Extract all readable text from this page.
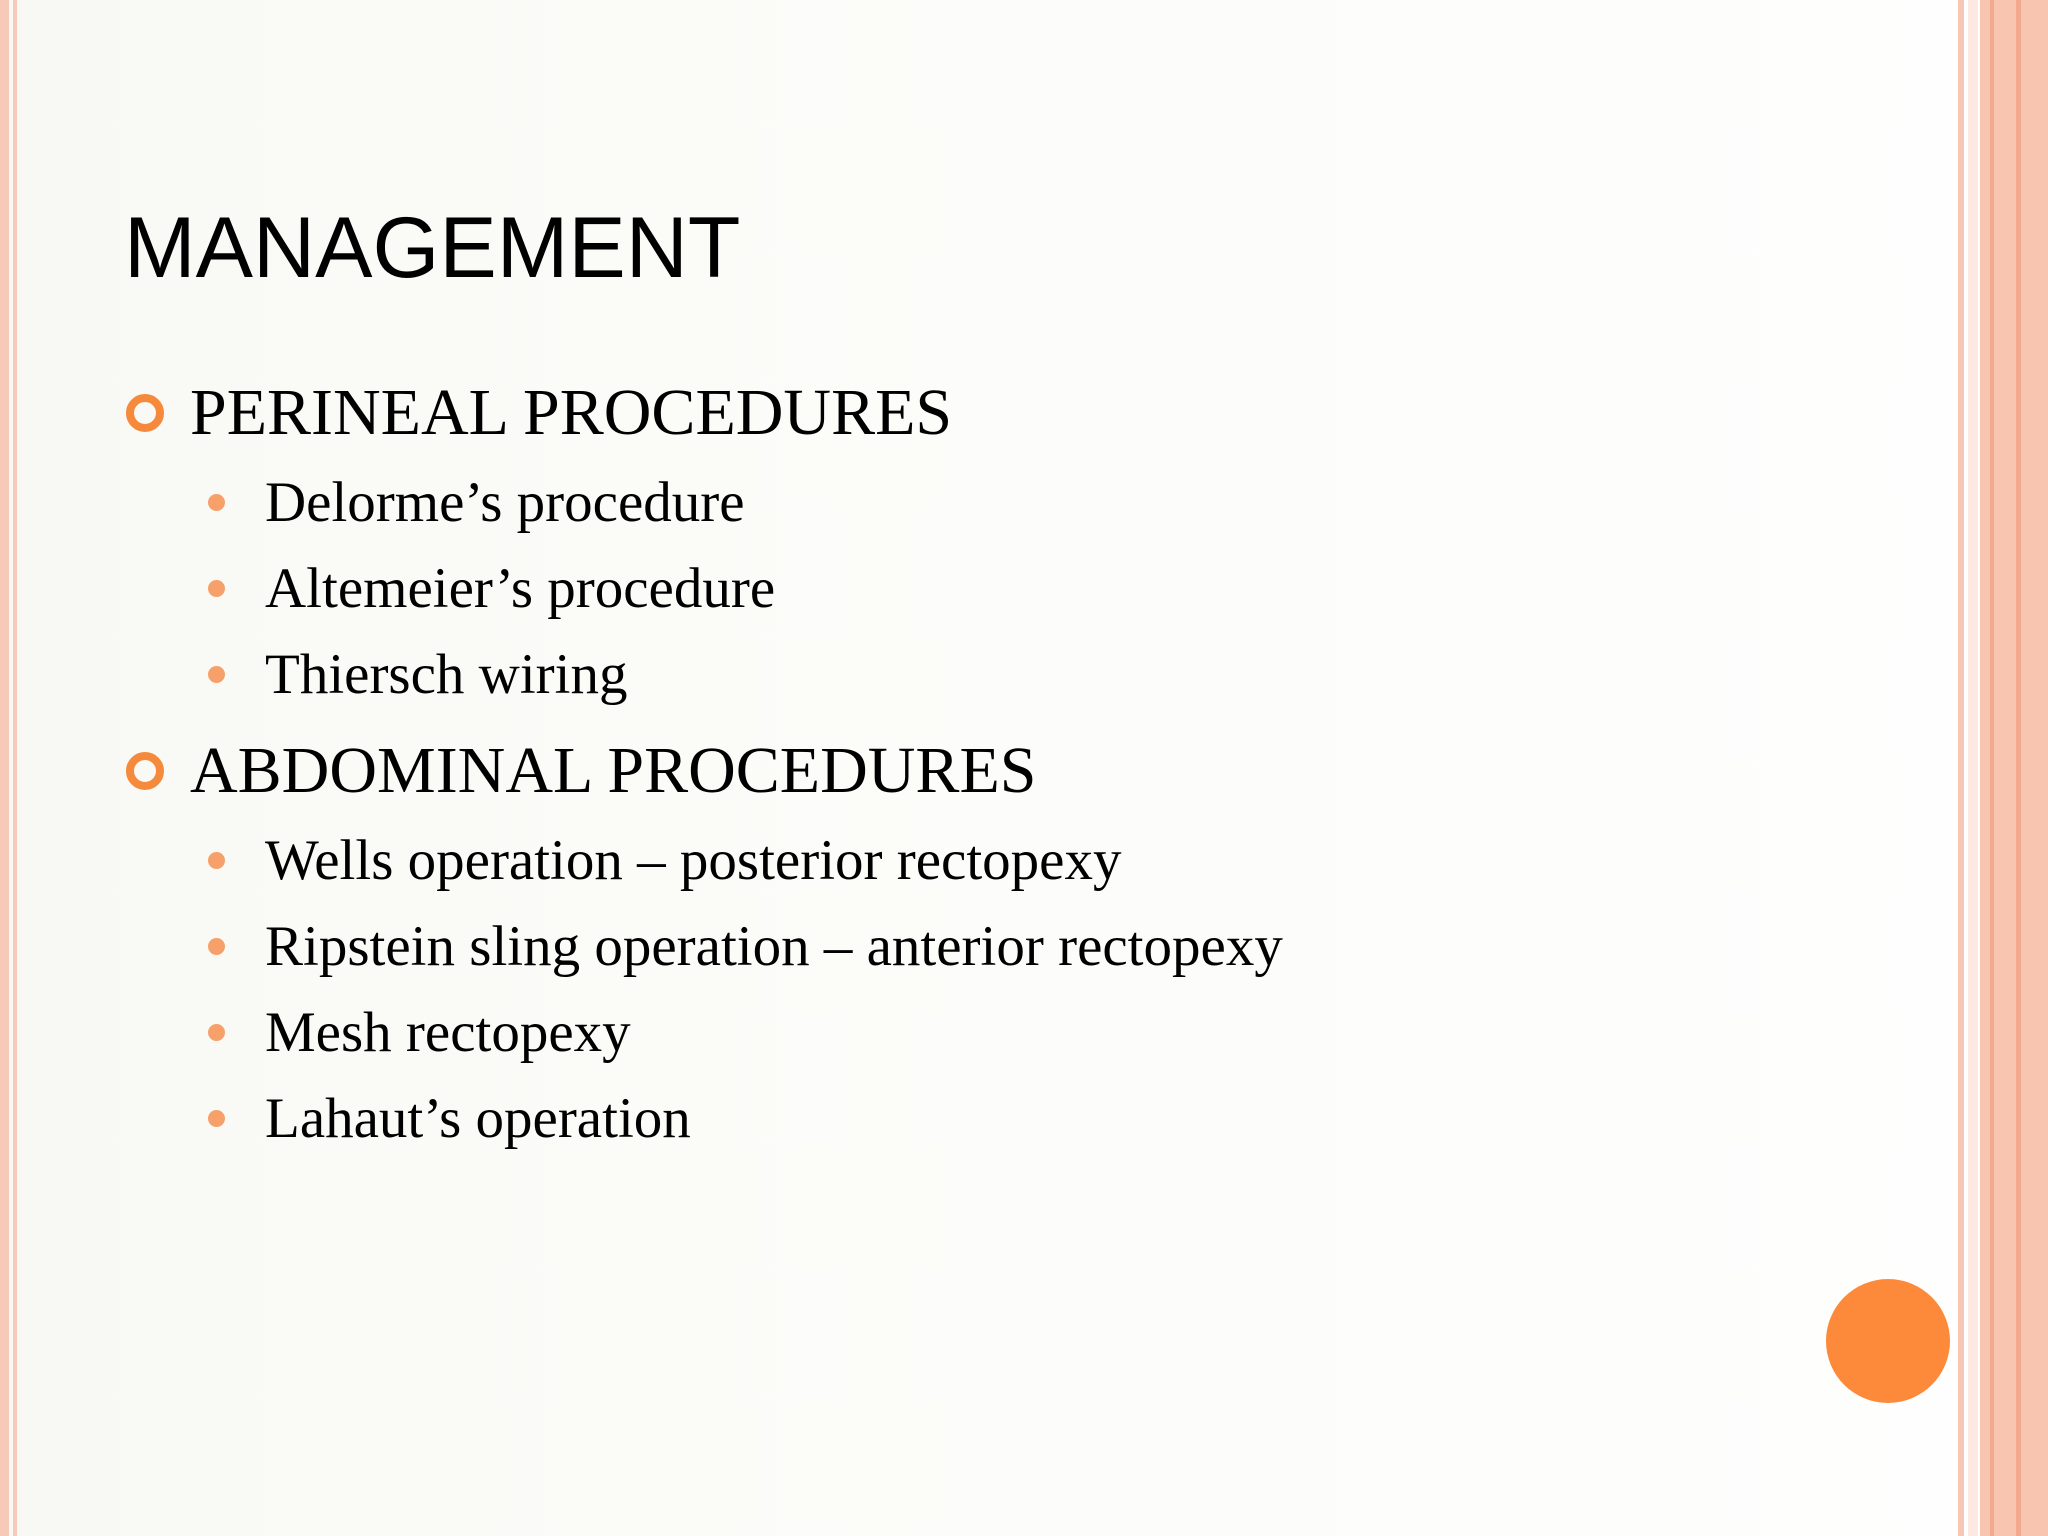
MANAGEMENT
PERINEAL PROCEDURES
Delorme’s procedure
Altemeier’s procedure
Thiersch wiring
ABDOMINAL PROCEDURES
Wells operation – posterior rectopexy
Ripstein sling operation – anterior rectopexy
Mesh rectopexy
Lahaut’s operation
